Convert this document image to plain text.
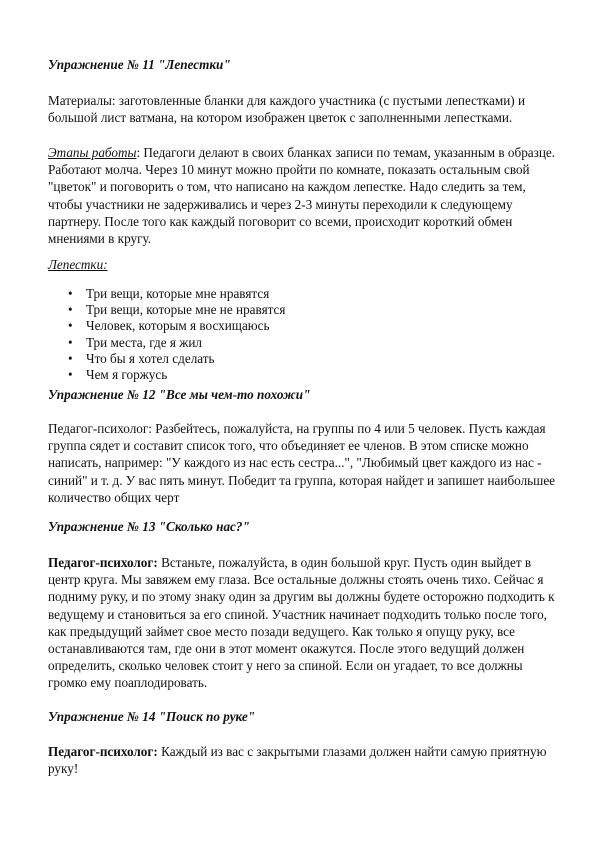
Упражнение № 11 "Лепестки"

Материалы: заготовленные бланки для каждого участника (с пустыми лепестками) и большой лист ватмана, на котором изображен цветок с заполненными лепестками.

Этапы работы: Педагоги делают в своих бланках записи по темам, указанным в образце. Работают молча. Через 10 минут можно пройти по комнате, показать остальным свой "цветок" и поговорить о том, что написано на каждом лепестке. Надо следить за тем, чтобы участники не задерживались и через 2-3 минуты переходили к следующему партнеру. После того как каждый поговорит со всеми, происходит короткий обмен мнениями в кругу.

Лепестки:

• Три вещи, которые мне нравятся
• Три вещи, которые мне не нравятся
• Человек, которым я восхищаюсь
• Три места, где я жил
• Что бы я хотел сделать
• Чем я горжусь

Упражнение № 12 "Все мы чем-то похожи"

Педагог-психолог: Разбейтесь, пожалуйста, на группы по 4 или 5 человек. Пусть каждая группа сядет и составит список того, что объединяет ее членов. В этом списке можно написать, например: "У каждого из нас есть сестра...", "Любимый цвет каждого из нас - синий" и т. д. У вас пять минут. Победит та группа, которая найдет и запишет наибольшее количество общих черт

Упражнение № 13 "Сколько нас?"

Педагог-психолог: Встаньте, пожалуйста, в один большой круг. Пусть один выйдет в центр круга. Мы завяжем ему глаза. Все остальные должны стоять очень тихо. Сейчас я подниму руку, и по этому знаку один за другим вы должны будете осторожно подходить к ведущему и становиться за его спиной. Участник начинает подходить только после того, как предыдущий займет свое место позади ведущего. Как только я опущу руку, все останавливаются там, где они в этот момент окажутся. После этого ведущий должен определить, сколько человек стоит у него за спиной. Если он угадает, то все должны громко ему поаплодировать.

Упражнение № 14 "Поиск по руке"

Педагог-психолог: Каждый из вас с закрытыми глазами должен найти самую приятную руку!
